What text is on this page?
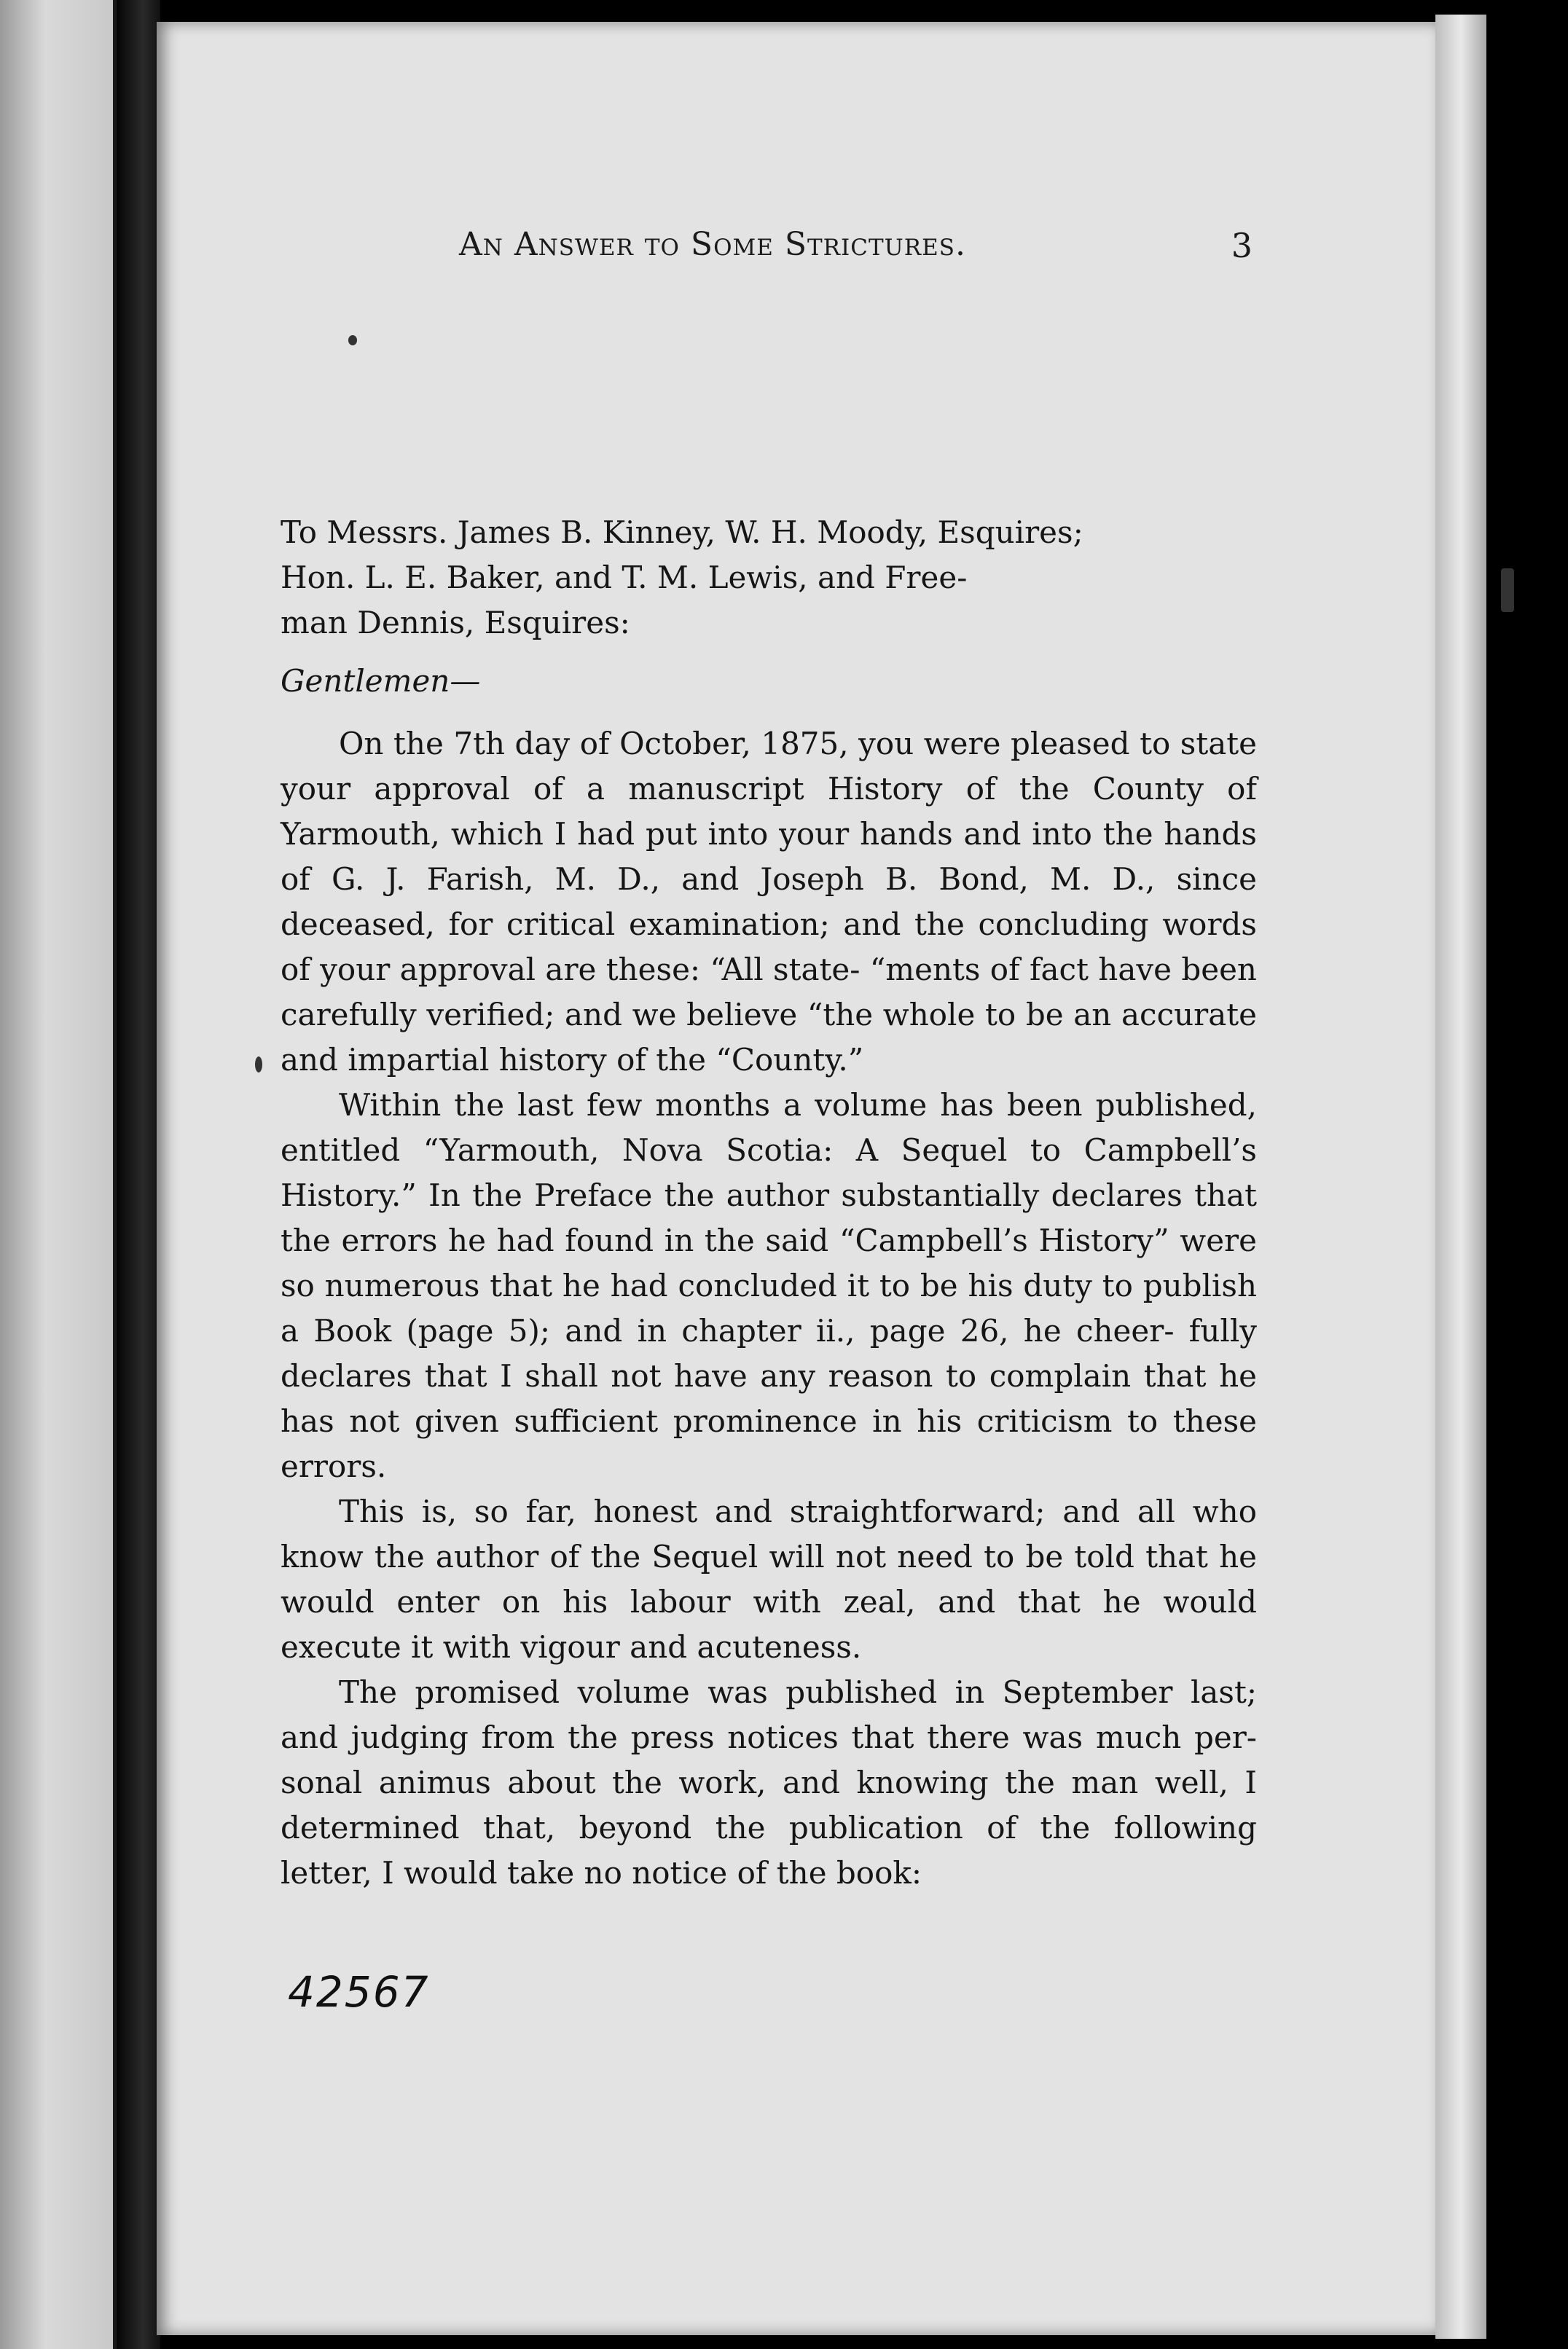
An Answer to Some Strictures.	3
To Messrs. James B. Kinney, W. H. Moody, Esquires;
Hon. L. E. Baker, and T. M. Lewis, and Free-
man Dennis, Esquires:

Gentlemen—

On the 7th day of October, 1875, you were pleased to state your approval of a manuscript History of the County of Yarmouth, which I had put into your hands and into the hands of G. J. Farish, M. D., and Joseph B. Bond, M. D., since deceased, for critical examination; and the concluding words of your approval are these: “All state- “ments of fact have been carefully verified; and we believe “the whole to be an accurate and impartial history of the “County.”

Within the last few months a volume has been published, entitled “Yarmouth, Nova Scotia: A Sequel to Campbell’s History.” In the Preface the author substantially declares that the errors he had found in the said “Campbell’s History” were so numerous that he had concluded it to be his duty to publish a Book (page 5); and in chapter ii., page 26, he cheer- fully declares that I shall not have any reason to complain that he has not given sufficient prominence in his criticism to these errors.

This is, so far, honest and straightforward; and all who know the author of the Sequel will not need to be told that he would enter on his labour with zeal, and that he would execute it with vigour and acuteness.

The promised volume was published in September last; and judging from the press notices that there was much per- sonal animus about the work, and knowing the man well, I determined that, beyond the publication of the following letter, I would take no notice of the book:

42567
